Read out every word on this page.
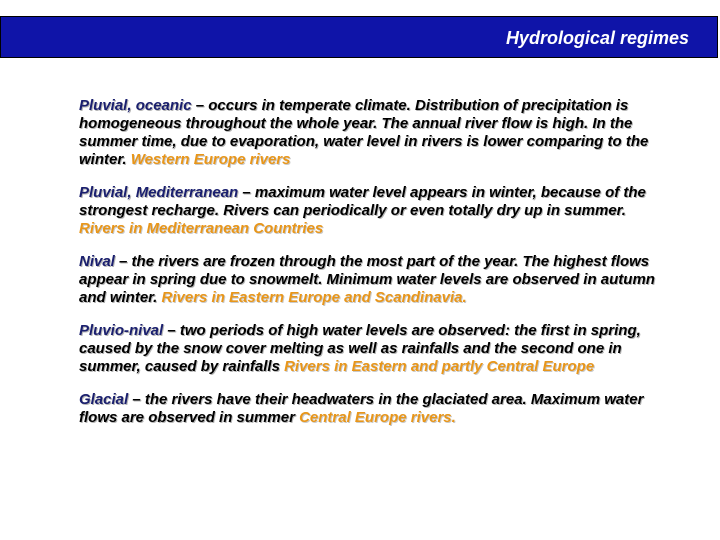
Hydrological regimes

Pluvial, oceanic – occurs in temperate climate. Distribution of precipitation is
homogeneous throughout the whole year. The annual river flow is high. In the
summer time, due to evaporation, water level in rivers is lower comparing to the
winter. Western Europe rivers

Pluvial, Mediterranean – maximum water level appears in winter, because of the
strongest recharge. Rivers can periodically or even totally dry up in summer.
Rivers in Mediterranean Countries

Nival – the rivers are frozen through the most part of the year. The highest flows
appear in spring due to snowmelt. Minimum water levels are observed in autumn
and winter. Rivers in Eastern Europe and Scandinavia.

Pluvio-nival – two periods of high water levels are observed: the first in spring,
caused by the snow cover melting as well as rainfalls and the second one in
summer, caused by rainfalls Rivers in Eastern and partly Central Europe

Glacial – the rivers have their headwaters in the glaciated area. Maximum water
flows are observed in summer Central Europe rivers.
